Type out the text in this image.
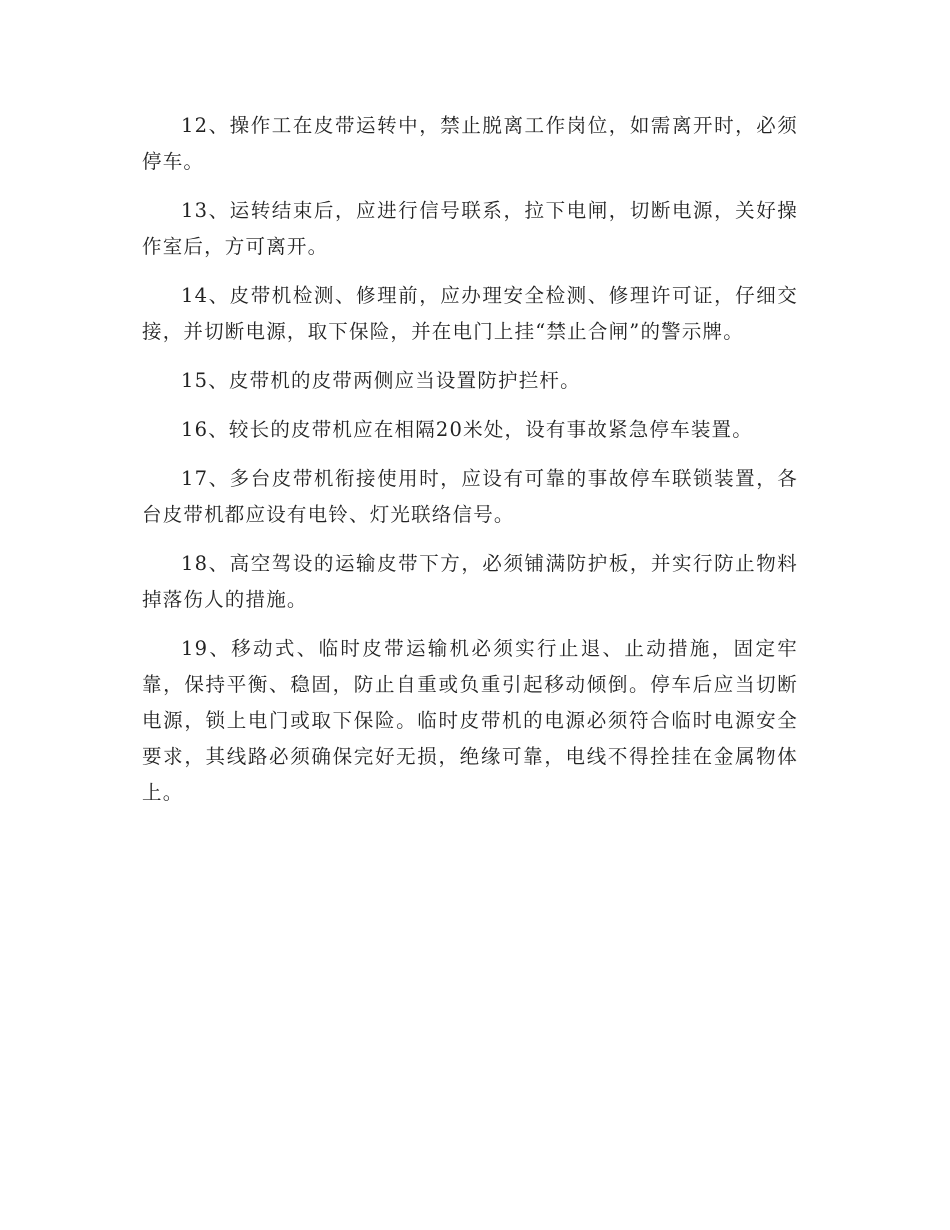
12、操作工在皮带运转中，禁止脱离工作岗位，如需离开时，必须停车。

13、运转结束后，应进行信号联系，拉下电闸，切断电源，关好操作室后，方可离开。

14、皮带机检测、修理前，应办理安全检测、修理许可证，仔细交接，并切断电源，取下保险，并在电门上挂“禁止合闸”的警示牌。

15、皮带机的皮带两侧应当设置防护拦杆。

16、较长的皮带机应在相隔20米处，设有事故紧急停车装置。

17、多台皮带机衔接使用时，应设有可靠的事故停车联锁装置，各台皮带机都应设有电铃、灯光联络信号。

18、高空驾设的运输皮带下方，必须铺满防护板，并实行防止物料掉落伤人的措施。

19、移动式、临时皮带运输机必须实行止退、止动措施，固定牢靠，保持平衡、稳固，防止自重或负重引起移动倾倒。停车后应当切断电源，锁上电门或取下保险。临时皮带机的电源必须符合临时电源安全要求，其线路必须确保完好无损，绝缘可靠，电线不得拴挂在金属物体上。
